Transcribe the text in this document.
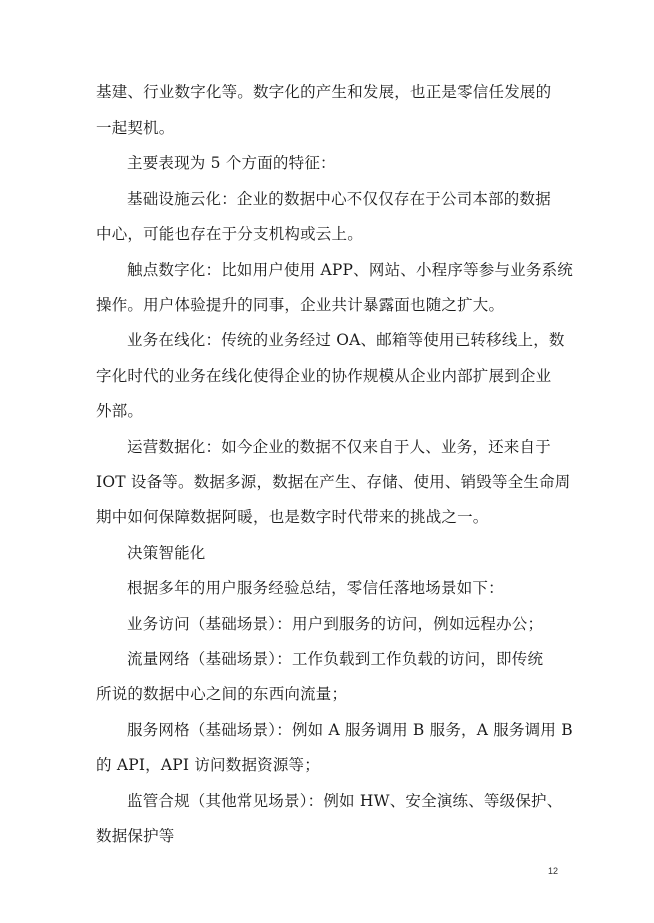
基建、行业数字化等。数字化的产生和发展，也正是零信任发展的
一起契机。
主要表现为 5 个方面的特征：
基础设施云化：企业的数据中心不仅仅存在于公司本部的数据
中心，可能也存在于分支机构或云上。
触点数字化：比如用户使用 APP、网站、小程序等参与业务系统
操作。用户体验提升的同事，企业共计暴露面也随之扩大。
业务在线化：传统的业务经过 OA、邮箱等使用已转移线上，数
字化时代的业务在线化使得企业的协作规模从企业内部扩展到企业
外部。
运营数据化：如今企业的数据不仅来自于人、业务，还来自于
IOT 设备等。数据多源，数据在产生、存储、使用、销毁等全生命周
期中如何保障数据阿暖，也是数字时代带来的挑战之一。
决策智能化
根据多年的用户服务经验总结，零信任落地场景如下：
业务访问（基础场景）：用户到服务的访问，例如远程办公；
流量网络（基础场景）：工作负载到工作负载的访问，即传统
所说的数据中心之间的东西向流量；
服务网格（基础场景）：例如 A 服务调用 B 服务，A 服务调用 B
的 API，API 访问数据资源等；
监管合规（其他常见场景）：例如 HW、安全演练、等级保护、
数据保护等
12
